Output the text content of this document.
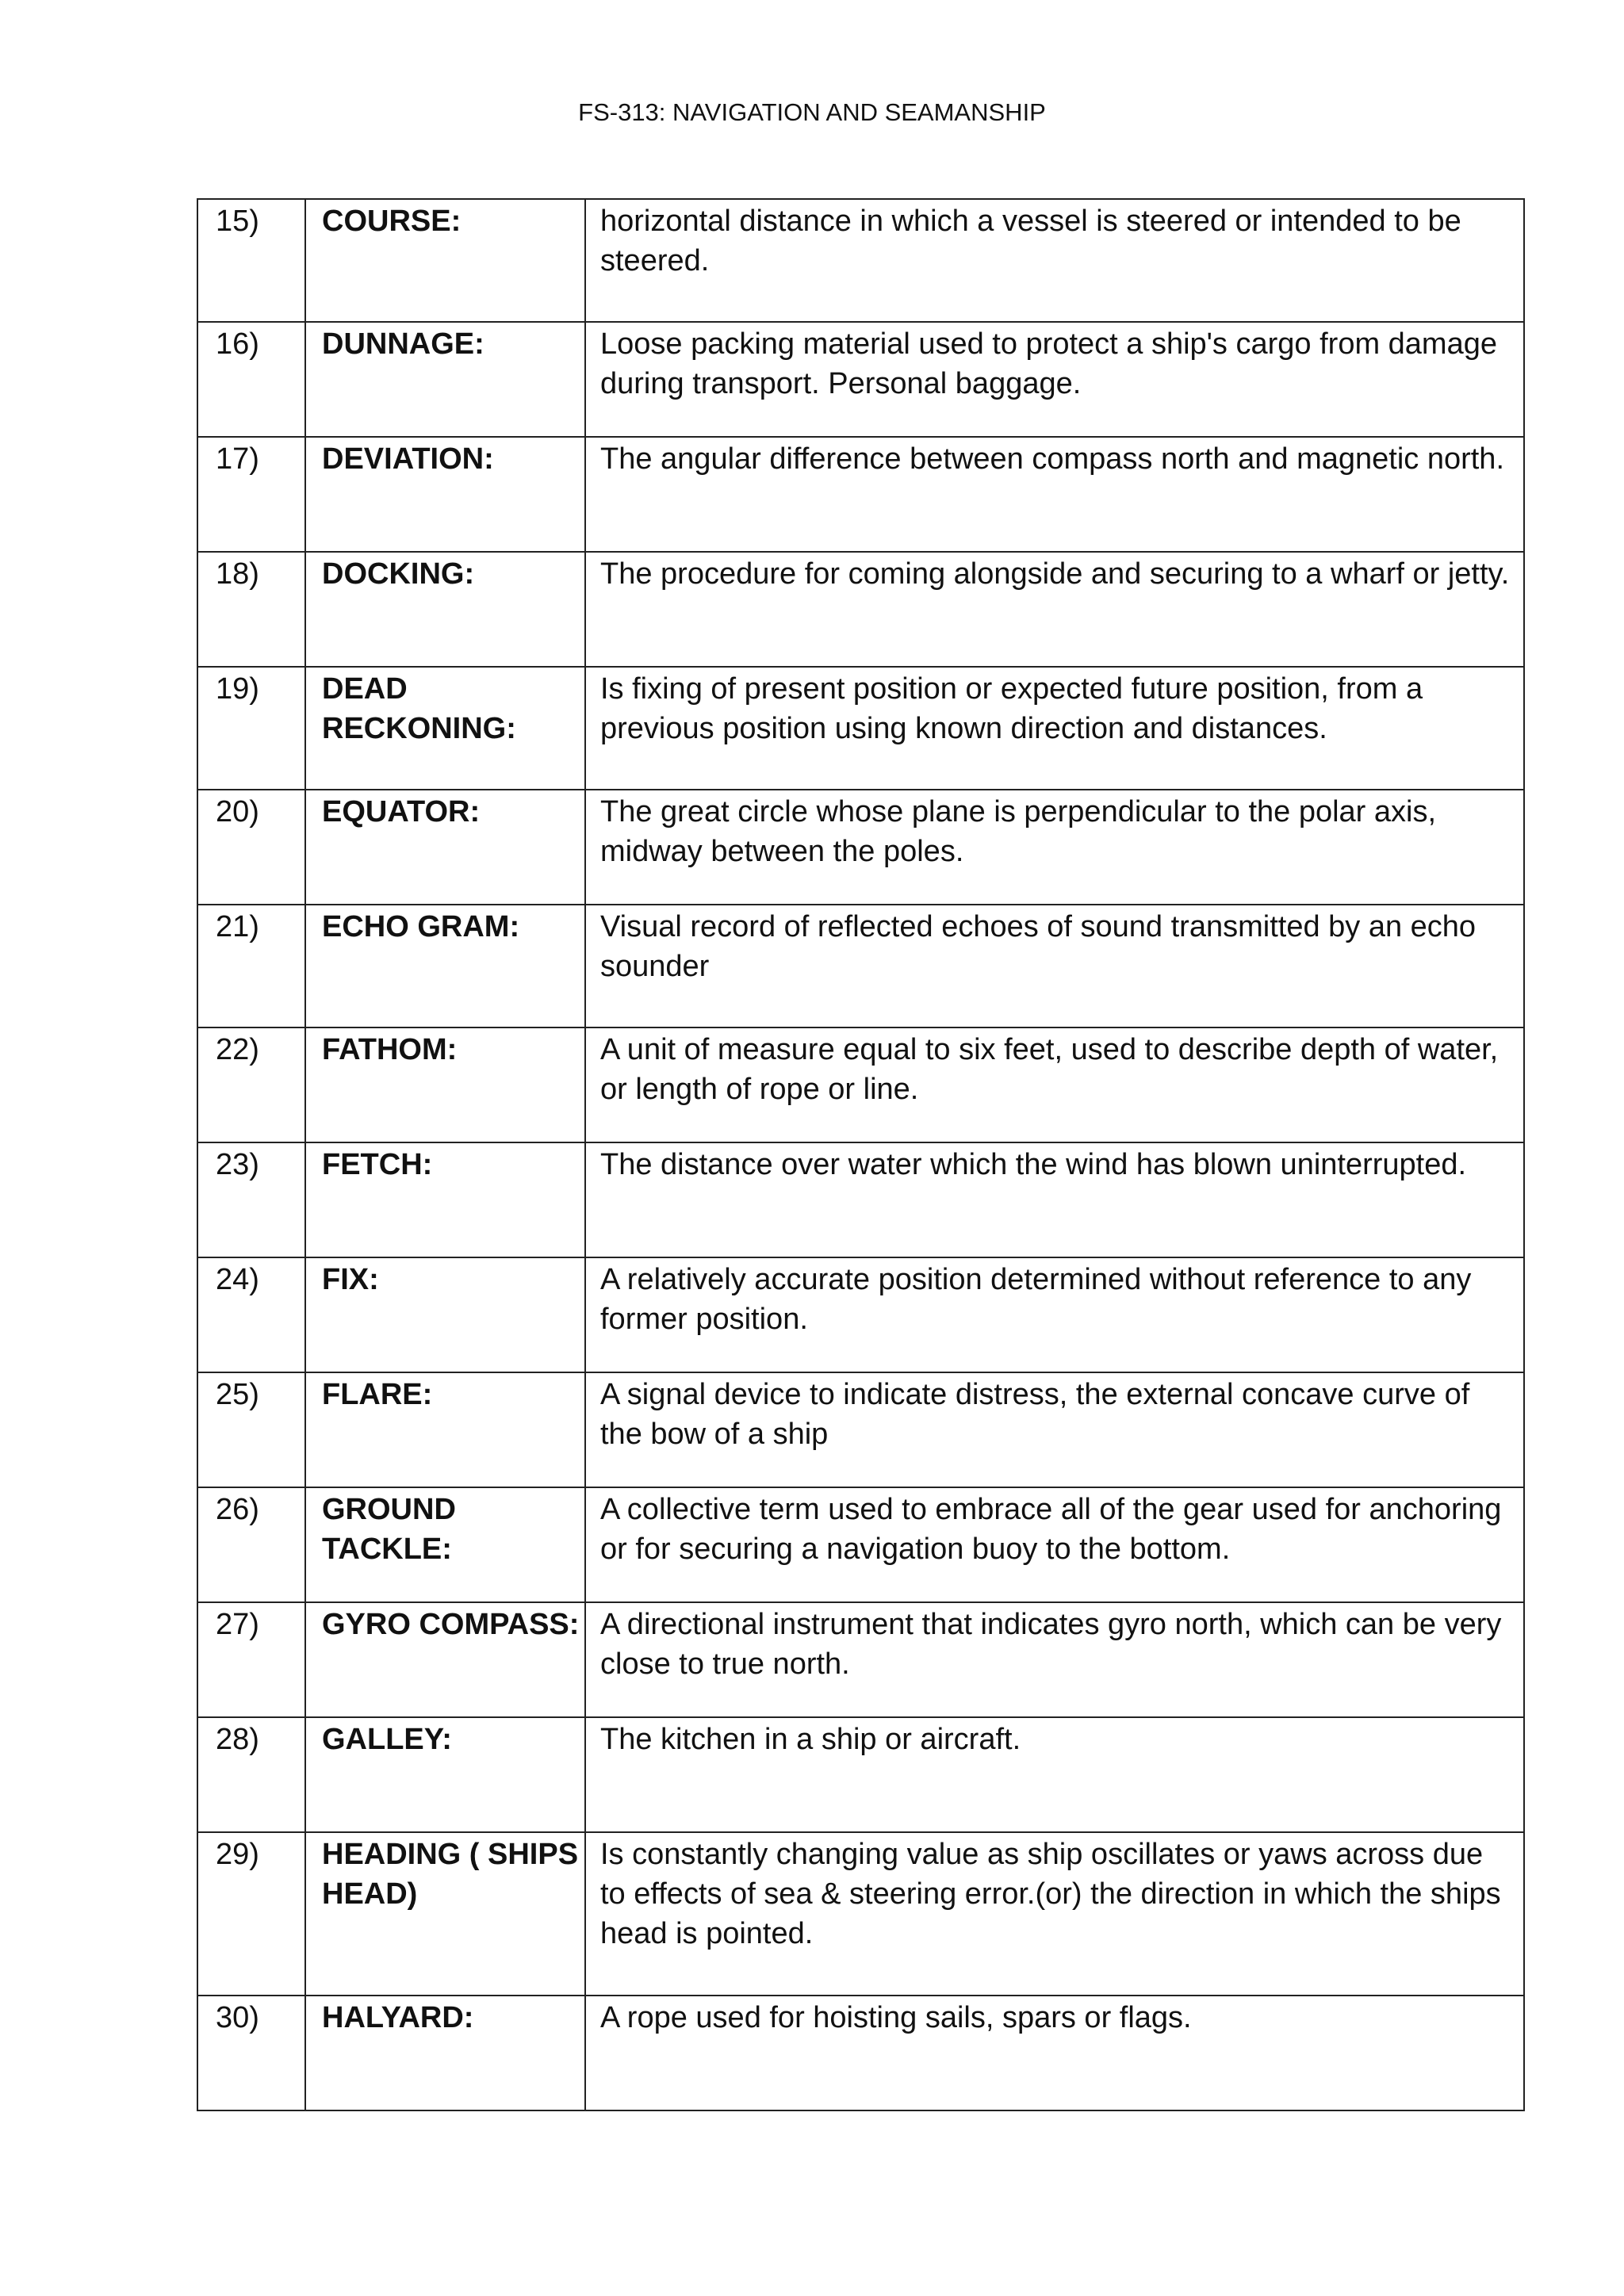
FS-313: NAVIGATION AND SEAMANSHIP
15)	COURSE:	horizontal distance in which a vessel is steered or intended to be steered.
16)	DUNNAGE:	Loose packing material used to protect a ship's cargo from damage during transport. Personal baggage.
17)	DEVIATION:	The angular difference between compass north and magnetic north.
18)	DOCKING:	The procedure for coming alongside and securing to a wharf or jetty.
19)	DEAD RECKONING:	Is fixing of present position or expected future position, from a previous position using known direction and distances.
20)	EQUATOR:	The great circle whose plane is perpendicular to the polar axis, midway between the poles.
21)	ECHO GRAM:	Visual record of reflected echoes of sound transmitted by an echo sounder
22)	FATHOM:	A unit of measure equal to six feet, used to describe depth of water, or length of rope or line.
23)	FETCH:	The distance over water which the wind has blown uninterrupted.
24)	FIX:	A relatively accurate position determined without reference to any former position.
25)	FLARE:	A signal device to indicate distress, the external concave curve of the bow of a ship
26)	GROUND TACKLE:	A collective term used to embrace all of the gear used for anchoring or for securing a navigation buoy to the bottom.
27)	GYRO COMPASS:	A directional instrument that indicates gyro north, which can be very close to true north.
28)	GALLEY:	The kitchen in a ship or aircraft.
29)	HEADING ( SHIPS HEAD)	Is constantly changing value as ship oscillates or yaws across due to effects of sea & steering error.(or) the direction in which the ships head is pointed.
30)	HALYARD:	A rope used for hoisting sails, spars or flags.
